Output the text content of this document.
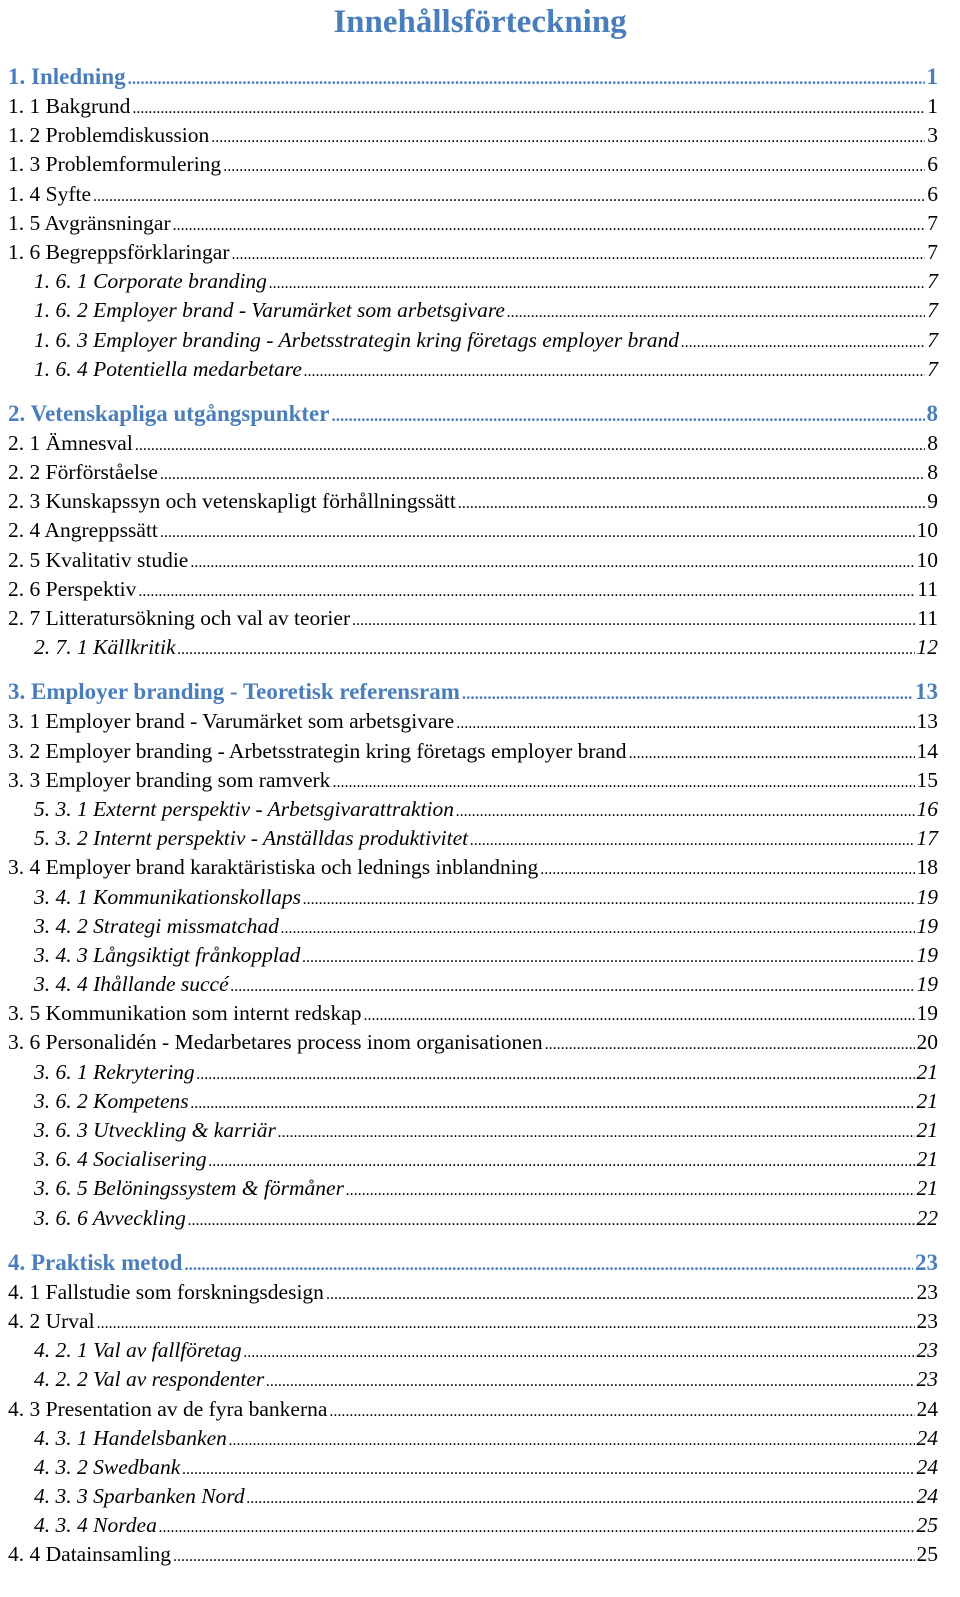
Innehållsförteckning
1. Inledning .....	1
1. 1 Bakgrund .....	1
1. 2 Problemdiskussion .....	3
1. 3 Problemformulering .....	6
1. 4 Syfte .....	6
1. 5 Avgränsningar .....	7
1. 6 Begreppsförklaringar .....	7
1. 6. 1 Corporate branding .....	7
1. 6. 2 Employer brand - Varumärket som arbetsgivare .....	7
1. 6. 3 Employer branding - Arbetsstrategin kring företags employer brand .....	7
1. 6. 4 Potentiella medarbetare .....	7
2. Vetenskapliga utgångspunkter .....	8
2. 1 Ämnesval .....	8
2. 2 Förförståelse .....	8
2. 3 Kunskapssyn och vetenskapligt förhållningssätt .....	9
2. 4 Angreppssätt .....	10
2. 5 Kvalitativ studie .....	10
2. 6 Perspektiv .....	11
2. 7 Litteratursökning och val av teorier .....	11
2. 7. 1 Källkritik .....	12
3. Employer branding - Teoretisk referensram .....	13
3. 1 Employer brand - Varumärket som arbetsgivare .....	13
3. 2 Employer branding - Arbetsstrategin kring företags employer brand .....	14
3. 3 Employer branding som ramverk .....	15
5. 3. 1 Externt perspektiv - Arbetsgivarattraktion .....	16
5. 3. 2 Internt perspektiv - Anställdas produktivitet .....	17
3. 4 Employer brand karaktäristiska och lednings inblandning .....	18
3. 4. 1 Kommunikationskollaps .....	19
3. 4. 2 Strategi missmatchad .....	19
3. 4. 3 Långsiktigt frånkopplad .....	19
3. 4. 4 Ihållande succé .....	19
3. 5 Kommunikation som internt redskap .....	19
3. 6 Personalidén - Medarbetares process inom organisationen .....	20
3. 6. 1 Rekrytering .....	21
3. 6. 2 Kompetens .....	21
3. 6. 3 Utveckling & karriär .....	21
3. 6. 4 Socialisering .....	21
3. 6. 5 Belöningssystem & förmåner .....	21
3. 6. 6 Avveckling .....	22
4. Praktisk metod .....	23
4. 1 Fallstudie som forskningsdesign .....	23
4. 2 Urval .....	23
4. 2. 1 Val av fallföretag .....	23
4. 2. 2 Val av respondenter .....	23
4. 3 Presentation av de fyra bankerna .....	24
4. 3. 1 Handelsbanken .....	24
4. 3. 2 Swedbank .....	24
4. 3. 3 Sparbanken Nord .....	24
4. 3. 4 Nordea .....	25
4. 4 Datainsamling .....	25
